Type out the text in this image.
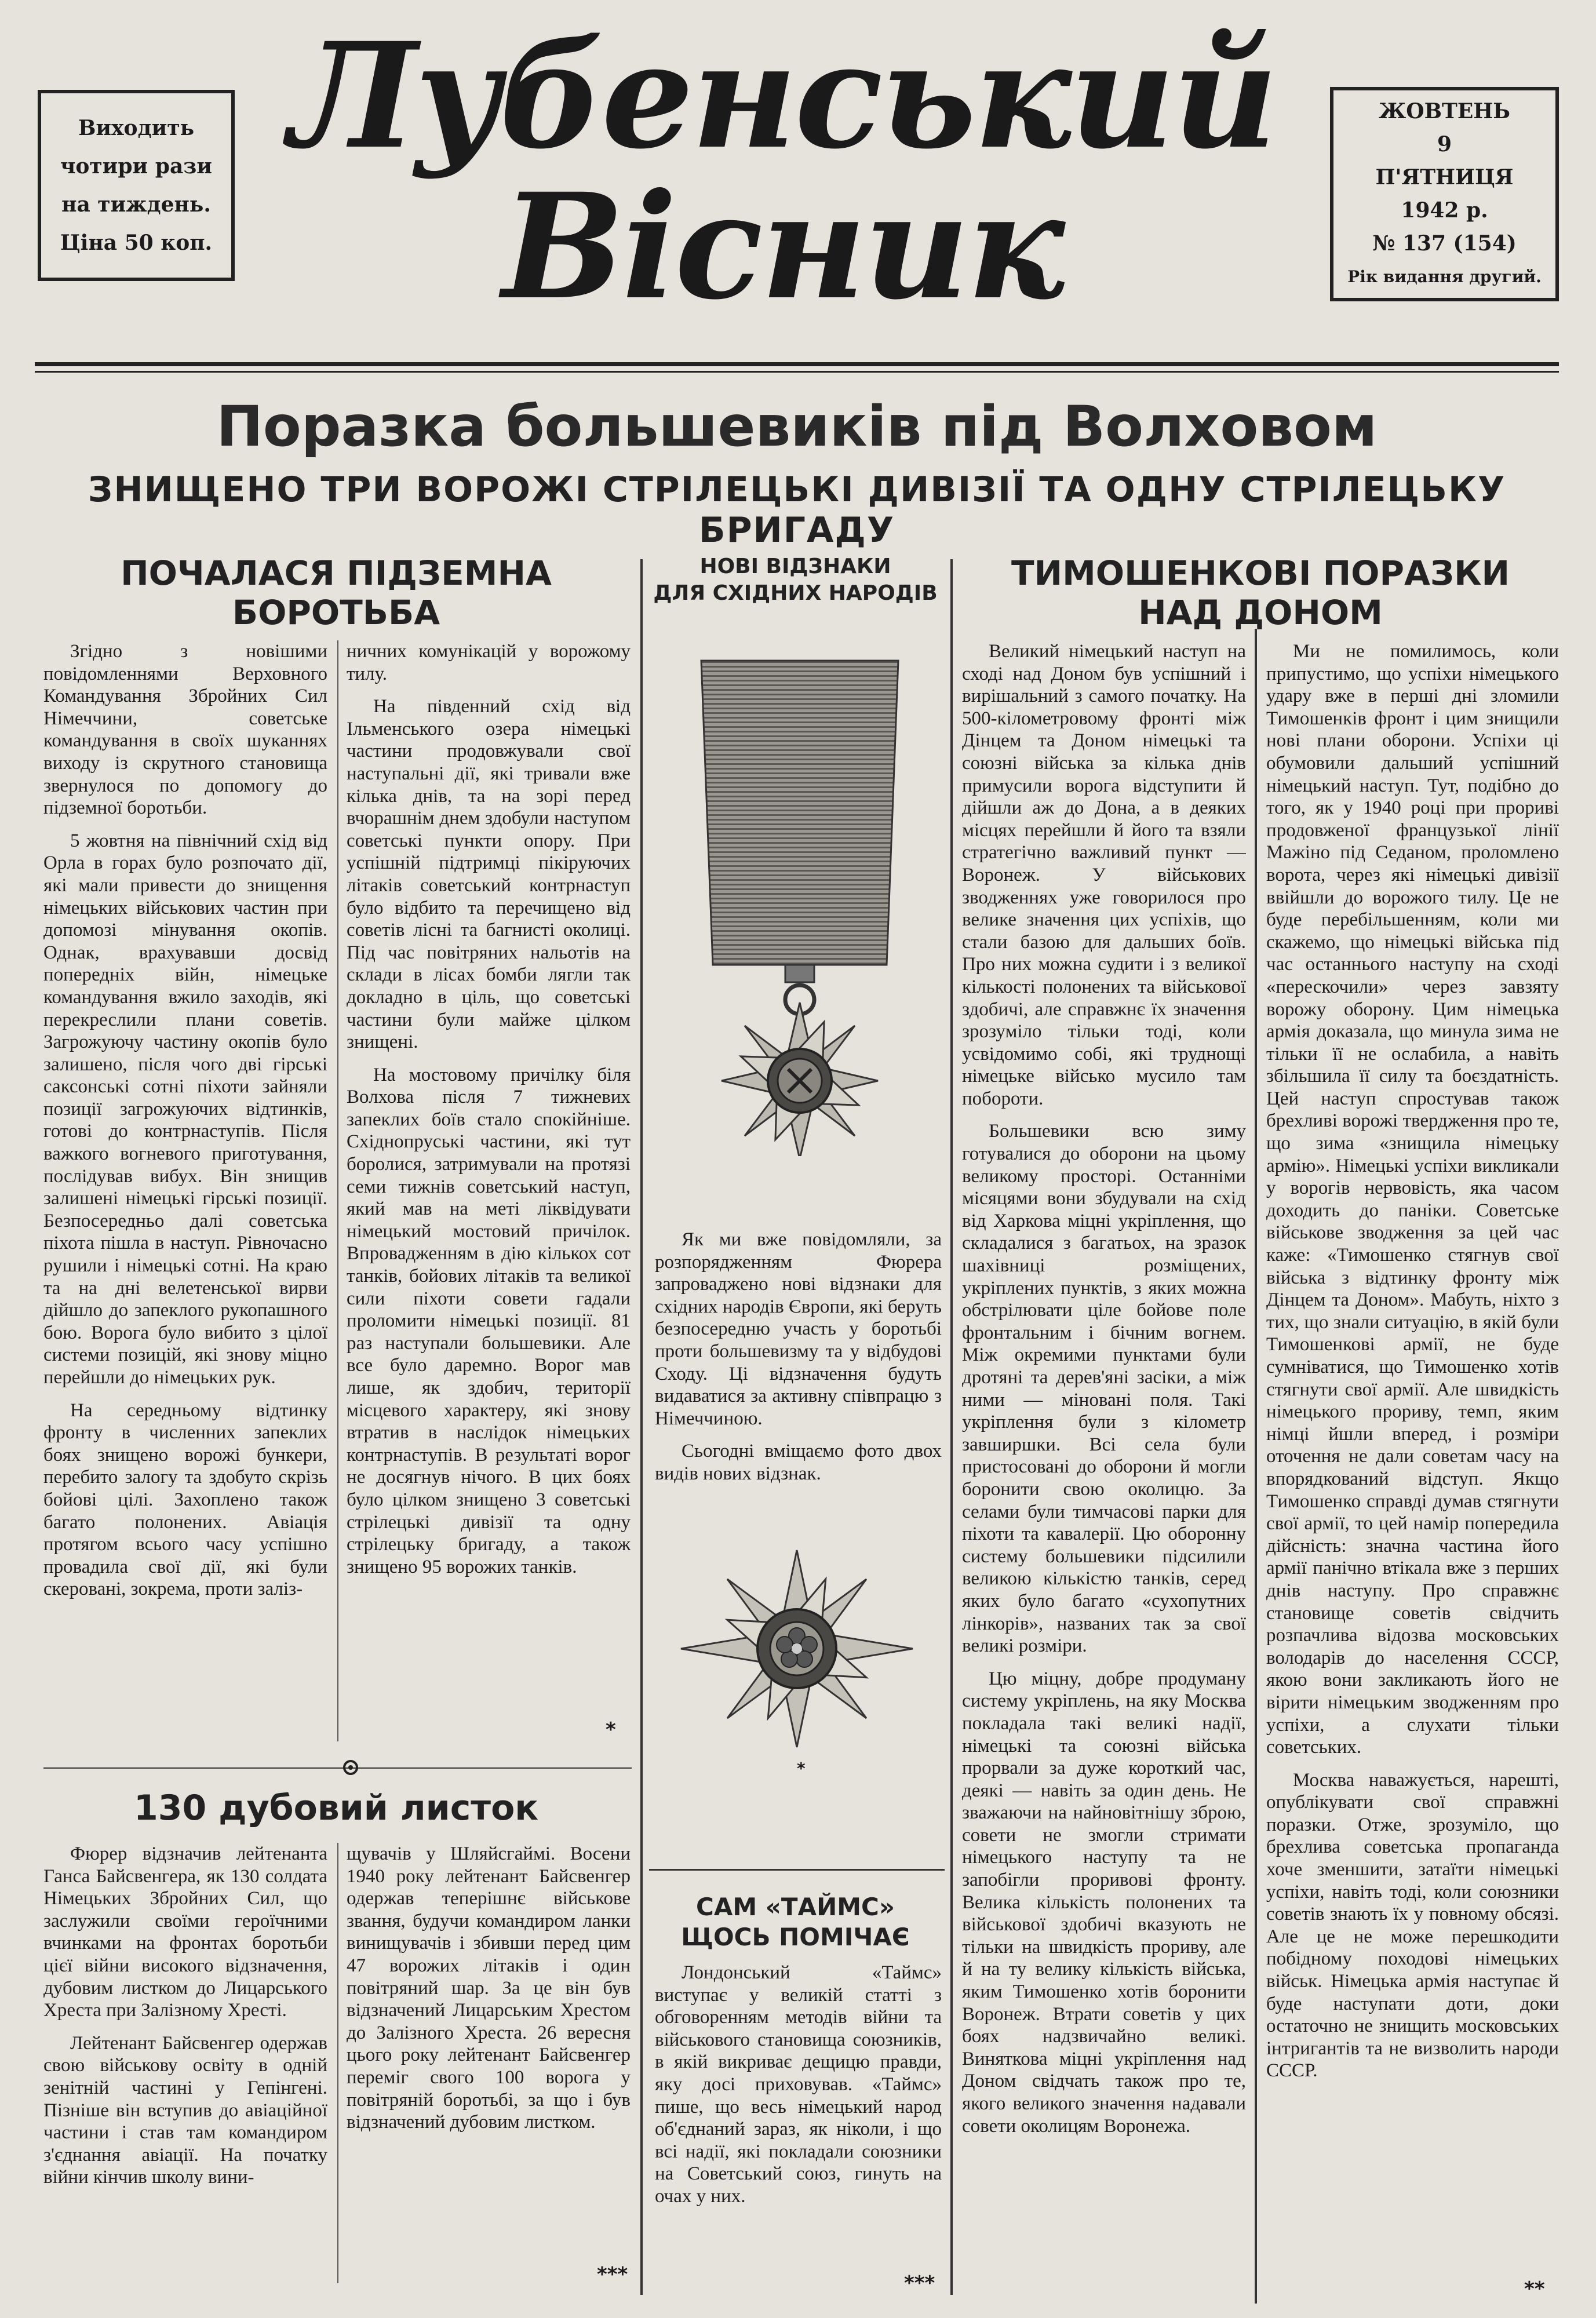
Виходить
чотири рази
на тиждень.
Ціна 50 коп.
Лубенський
Вісник
ЖОВТЕНЬ
9
П'ЯТНИЦЯ
1942 р.
№ 137 (154)
Рік видання другий.
Поразка большевиків під Волховом
ЗНИЩЕНО ТРИ ВОРОЖІ СТРІЛЕЦЬКІ ДИВІЗІЇ ТА ОДНУ СТРІЛЕЦЬКУ БРИГАДУ
ПОЧАЛАСЯ ПІДЗЕМНА
БОРОТЬБА

Згідно з новішими повідомленнями Верховного Командування Збройних Сил Німеччини, советське командування в своїх шуканнях виходу із скрутного становища звернулося по допомогу до підземної боротьби.

5 жовтня на північний схід від Орла в горах було розпочато дії, які мали привести до знищення німецьких військових частин при допомозі мінування окопів. Однак, врахувавши досвід попередніх війн, німецьке командування вжило заходів, які перекреслили плани советів. Загрожуючу частину окопів було залишено, після чого дві гірські саксонські сотні піхоти зайняли позиції загрожуючих відтинків, готові до контрнаступів. Після важкого вогневого приготування, послідував вибух. Він знищив залишені німецькі гірські позиції. Безпосередньо далі советська піхота пішла в наступ. Рівночасно рушили і німецькі сотні. На краю та на дні велетенської вирви дійшло до запеклого рукопашного бою. Ворога було вибито з цілої системи позицій, які знову міцно перейшли до німецьких рук.

На середньому відтинку фронту в численних запеклих боях знищено ворожі бункери, перебито залогу та здобуто скрізь бойові цілі. Захоплено також багато полонених. Авіація протягом всього часу успішно провадила свої дії, які були скеровані, зокрема, проти заліз-

ничних комунікацій у ворожому тилу.

На південний схід від Ільменського озера німецькі частини продовжували свої наступальні дії, які тривали вже кілька днів, та на зорі перед вчорашнім днем здобули наступом советські пункти опору. При успішній підтримці пікіруючих літаків советський контрнаступ було відбито та перечищено від советів лісні та багнисті околиці. Під час повітряних нальотів на склади в лісах бомби лягли так докладно в ціль, що советські частини були майже цілком знищені.

На мостовому причілку біля Волхова після 7 тижневих запеклих боїв стало спокійніше. Східнопруські частини, які тут боролися, затримували на протязі семи тижнів советський наступ, який мав на меті ліквідувати німецький мостовий причілок. Впровадженням в дію кількох сот танків, бойових літаків та великої сили піхоти совети гадали проломити німецькі позиції. 81 раз наступали большевики. Але все було даремно. Ворог мав лише, як здобич, території місцевого характеру, які знову втратив в наслідок німецьких контрнаступів. В результаті ворог не досягнув нічого. В цих боях було цілком знищено 3 советські стрілецькі дивізії та одну стрілецьку бригаду, а також знищено 95 ворожих танків.

*
130 дубовий листок

Фюрер відзначив лейтенанта Ганса Байсвенгера, як 130 солдата Німецьких Збройних Сил, що заслужили своїми героїчними вчинками на фронтах боротьби цієї війни високого відзначення, дубовим листком до Лицарського Хреста при Залізному Хресті.

Лейтенант Байсвенгер одержав свою військову освіту в одній зенітній частині у Гепінгені. Пізніше він вступив до авіаційної частини і став там командиром з'єднання авіації. На початку війни кінчив школу вини-

щувачів у Шляйсгаймі. Восени 1940 року лейтенант Байсвенгер одержав теперішнє військове звання, будучи командиром ланки винищувачів і збивши перед цим 47 ворожих літаків і один повітряний шар. За це він був відзначений Лицарським Хрестом до Залізного Хреста. 26 вересня цього року лейтенант Байсвенгер переміг свого 100 ворога у повітряній боротьбі, за що і був відзначений дубовим листком.

***
НОВІ ВІДЗНАКИ
ДЛЯ СХІДНИХ НАРОДІВ

Як ми вже повідомляли, за розпорядженням Фюрера запроваджено нові відзнаки для східних народів Європи, які беруть безпосередню участь у боротьбі проти большевизму та у відбудові Сходу. Ці відзначення будуть видаватися за активну співпрацю з Німеччиною.

Сьогодні вміщаємо фото двох видів нових відзнак.

*
САМ «ТАЙМС»
ЩОСЬ ПОМІЧАЄ

Лондонський «Таймс» виступає у великій статті з обговоренням методів війни та військового становища союзників, в якій викриває дещицю правди, яку досі приховував. «Таймс» пише, що весь німецький народ об'єднаний зараз, як ніколи, і що всі надії, які покладали союзники на Советський союз, гинуть на очах у них.

***
ТИМОШЕНКОВІ ПОРАЗКИ
НАД ДОНОМ

Великий німецький наступ на сході над Доном був успішний і вирішальний з самого початку. На 500-кілометровому фронті між Дінцем та Доном німецькі та союзні війська за кілька днів примусили ворога відступити й дійшли аж до Дона, а в деяких місцях перейшли й його та взяли стратегічно важливий пункт — Воронеж. У військових зводженнях уже говорилося про велике значення цих успіхів, що стали базою для дальших боїв. Про них можна судити і з великої кількості полонених та військової здобичі, але справжнє їх значення зрозуміло тільки тоді, коли усвідомимо собі, які труднощі німецьке військо мусило там побороти.

Большевики всю зиму готувалися до оборони на цьому великому просторі. Останніми місяцями вони збудували на схід від Харкова міцні укріплення, що складалися з багатьох, на зразок шахівниці розміщених, укріплених пунктів, з яких можна обстрілювати ціле бойове поле фронтальним і бічним вогнем. Між окремими пунктами були дротяні та дерев'яні засіки, а між ними — міновані поля. Такі укріплення були з кілометр завширшки. Всі села були пристосовані до оборони й могли боронити свою околицю. За селами були тимчасові парки для піхоти та кавалерії. Цю оборонну систему большевики підсилили великою кількістю танків, серед яких було багато «сухопутних лінкорів», названих так за свої великі розміри.

Цю міцну, добре продуману систему укріплень, на яку Москва покладала такі великі надії, німецькі та союзні війська прорвали за дуже короткий час, деякі — навіть за один день. Не зважаючи на найновітнішу зброю, совети не змогли стримати німецького наступу та не запобігли проривові фронту. Велика кількість полонених та військової здобичі вказують не тільки на швидкість прориву, але й на ту велику кількість війська, яким Тимошенко хотів боронити Воронеж. Втрати советів у цих боях надзвичайно великі. Виняткова міцні укріплення над Доном свідчать також про те, якого великого значення надавали совети околицям Воронежа.

Ми не помилимось, коли припустимо, що успіхи німецького удару вже в перші дні зломили Тимошенків фронт і цим знищили нові плани оборони. Успіхи ці обумовили дальший успішний німецький наступ. Тут, подібно до того, як у 1940 році при прориві продовженої французької лінії Мажіно під Седаном, проломлено ворота, через які німецькі дивізії ввійшли до ворожого тилу. Це не буде перебільшенням, коли ми скажемо, що німецькі війська під час останнього наступу на сході «перескочили» через завзяту ворожу оборону. Цим німецька армія доказала, що минула зима не тільки її не ослабила, а навіть збільшила її силу та боєздатність. Цей наступ спростував також брехливі ворожі твердження про те, що зима «знищила німецьку армію». Німецькі успіхи викликали у ворогів нервовість, яка часом доходить до паніки. Советське військове зводження за цей час каже: «Тимошенко стягнув свої війська з відтинку фронту між Дінцем та Доном». Мабуть, ніхто з тих, що знали ситуацію, в якій були Тимошенкові армії, не буде сумніватися, що Тимошенко хотів стягнути свої армії. Але швидкість німецького прориву, темп, яким німці йшли вперед, і розміри оточення не дали советам часу на впорядкований відступ. Якщо Тимошенко справді думав стягнути свої армії, то цей намір попередила дійсність: значна частина його армії панічно втікала вже з перших днів наступу. Про справжнє становище советів свідчить розпачлива відозва московських володарів до населення СССР, якою вони закликають його не вірити німецьким зводженням про успіхи, а слухати тільки советських.

Москва наважується, нарешті, опублікувати свої справжні поразки. Отже, зрозуміло, що брехлива советська пропаганда хоче зменшити, затаїти німецькі успіхи, навіть тоді, коли союзники советів знають їх у повному обсязі. Але це не може перешкодити побідному походові німецьких військ. Німецька армія наступає й буде наступати доти, доки остаточно не знищить московських інтригантів та не визволить народи СССР.

**
